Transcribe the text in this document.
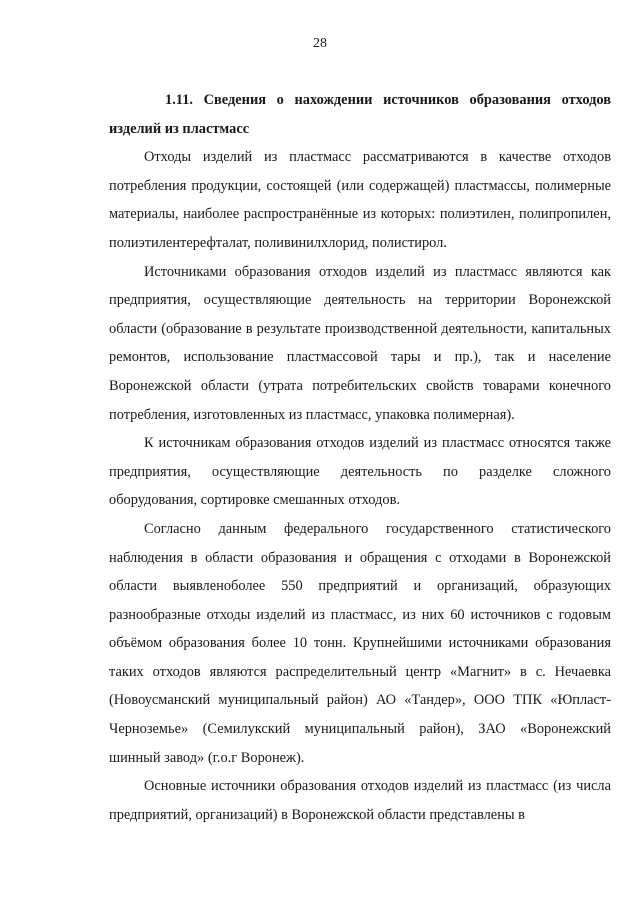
28

1.11. Сведения о нахождении источников образования отходов изделий из пластмасс

Отходы изделий из пластмасс рассматриваются в качестве отходов потребления продукции, состоящей (или содержащей) пластмассы, полимерные материалы, наиболее распространённые из которых: полиэтилен, полипропилен, полиэтилентерефталат, поливинилхлорид, полистирол.

Источниками образования отходов изделий из пластмасс являются как предприятия, осуществляющие деятельность на территории Воронежской области (образование в результате производственной деятельности, капитальных ремонтов, использование пластмассовой тары и пр.), так и население Воронежской области (утрата потребительских свойств товарами конечного потребления, изготовленных из пластмасс, упаковка полимерная).

К источникам образования отходов изделий из пластмасс относятся также предприятия, осуществляющие деятельность по разделке сложного оборудования, сортировке смешанных отходов.

Согласно данным федерального государственного статистического наблюдения в области образования и обращения с отходами в Воронежской области выявленоболее 550 предприятий и организаций, образующих разнообразные отходы изделий из пластмасс, из них 60 источников с годовым объёмом образования более 10 тонн. Крупнейшими источниками образования таких отходов являются распределительный центр «Магнит» в с. Нечаевка (Новоусманский муниципальный район) АО «Тандер», ООО ТПК «Юпласт-Черноземье» (Семилукский муниципальный район), ЗАО «Воронежский шинный завод» (г.о.г Воронеж).

Основные источники образования отходов изделий из пластмасс (из числа предприятий, организаций) в Воронежской области представлены в
